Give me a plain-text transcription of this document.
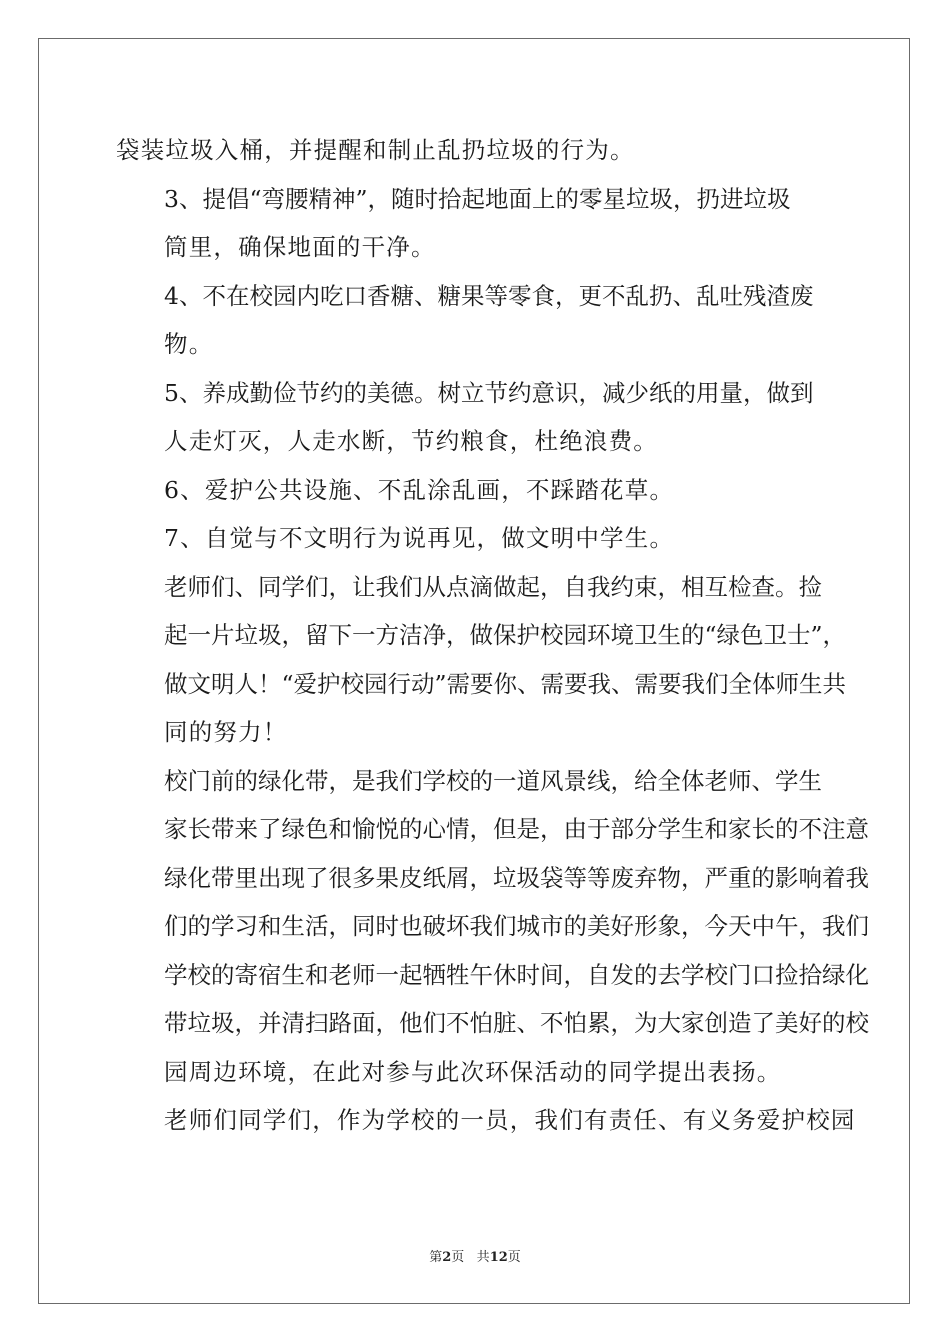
袋装垃圾入桶，并提醒和制止乱扔垃圾的行为。

3、提倡“弯腰精神”，随时拾起地面上的零星垃圾，扔进垃圾
筒里，确保地面的干净。

4、不在校园内吃口香糖、糖果等零食，更不乱扔、乱吐残渣废
物。

5、养成勤俭节约的美德。树立节约意识，减少纸的用量，做到
人走灯灭，人走水断，节约粮食，杜绝浪费。

6、爱护公共设施、不乱涂乱画，不踩踏花草。

7、自觉与不文明行为说再见，做文明中学生。

老师们、同学们，让我们从点滴做起，自我约束，相互检查。捡
起一片垃圾，留下一方洁净，做保护校园环境卫生的“绿色卫士”，
做文明人！“爱护校园行动”需要你、需要我、需要我们全体师生共
同的努力！

校门前的绿化带，是我们学校的一道风景线，给全体老师、学生
家长带来了绿色和愉悦的心情，但是，由于部分学生和家长的不注意
绿化带里出现了很多果皮纸屑，垃圾袋等等废弃物，严重的影响着我
们的学习和生活，同时也破坏我们城市的美好形象，今天中午，我们
学校的寄宿生和老师一起牺牲午休时间，自发的去学校门口捡拾绿化
带垃圾，并清扫路面，他们不怕脏、不怕累，为大家创造了美好的校
园周边环境，在此对参与此次环保活动的同学提出表扬。

老师们同学们，作为学校的一员，我们有责任、有义务爱护校园

第2页 共12页
